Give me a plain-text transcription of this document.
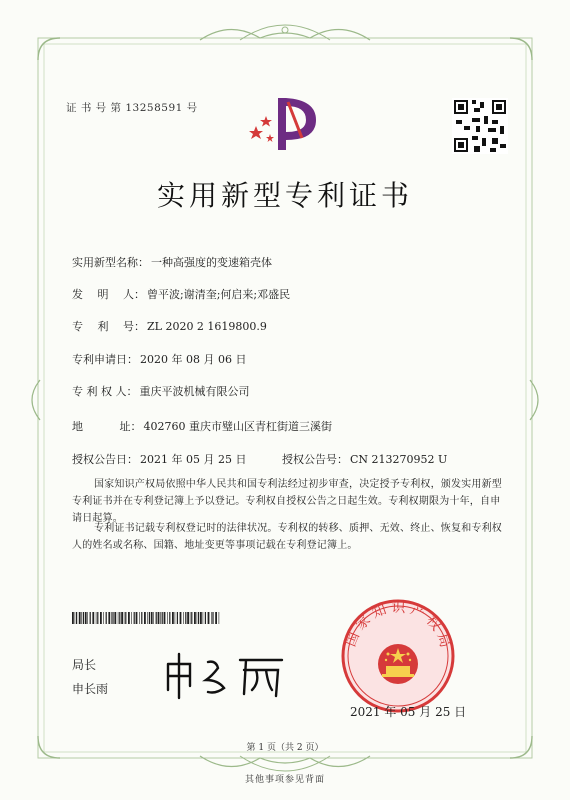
证 书 号 第 13258591 号
实用新型专利证书
实用新型名称： 一种高强度的变速箱壳体
发　 明　 人： 曾平波;谢清奎;何启来;邓盛民
专　 利　 号： ZL 2020 2 1619800.9
专利申请日： 2020 年 08 月 06 日
专 利 权 人： 重庆平波机械有限公司
地　　　 址： 402760 重庆市璧山区青杠街道三溪街
授权公告日： 2021 年 05 月 25 日	授权公告号： CN 213270952 U
国家知识产权局依照中华人民共和国专利法经过初步审查，决定授予专利权，颁发实用新型专利证书并在专利登记簿上予以登记。专利权自授权公告之日起生效。专利权期限为十年，自申请日起算。
专利证书记载专利权登记时的法律状况。专利权的转移、质押、无效、终止、恢复和专利权人的姓名或名称、国籍、地址变更等事项记载在专利登记簿上。
局长
申长雨
国家知识产权局
2021 年 05 月 25 日
第 1 页（共 2 页）
其他事项参见背面
